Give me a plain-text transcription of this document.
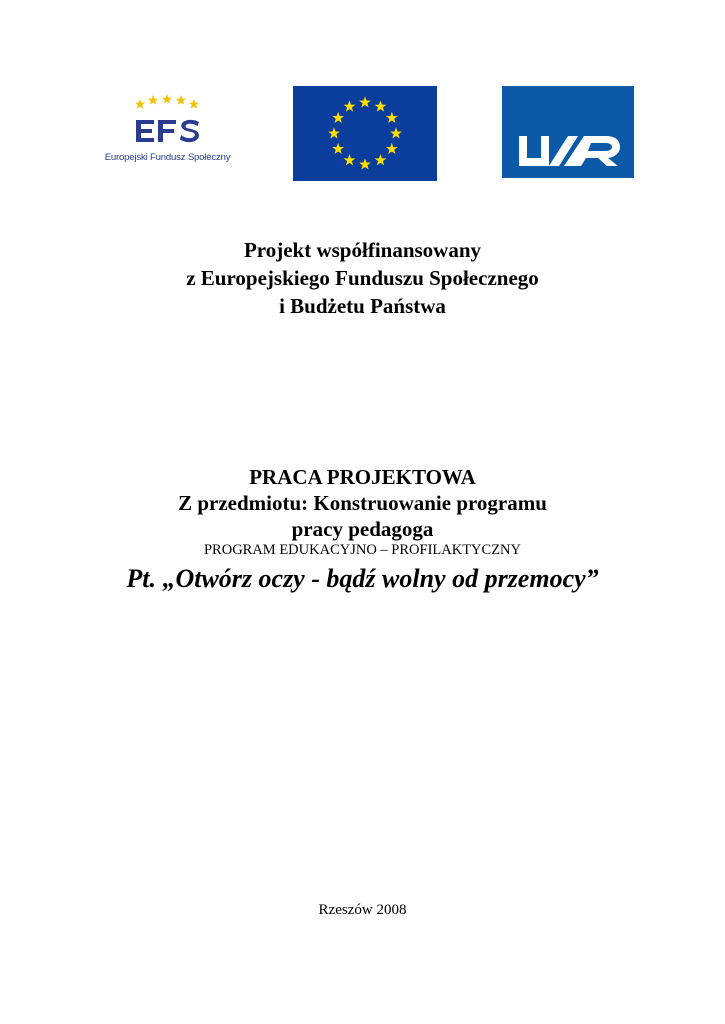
Europejski Fundusz Społeczny
Projekt współfinansowany
z Europejskiego Funduszu Społecznego
i Budżetu Państwa
PRACA PROJEKTOWA
Z przedmiotu: Konstruowanie programu
pracy pedagoga
PROGRAM EDUKACYJNO – PROFILAKTYCZNY
Pt. „Otwórz oczy - bądź wolny od przemocy”
Rzeszów 2008
